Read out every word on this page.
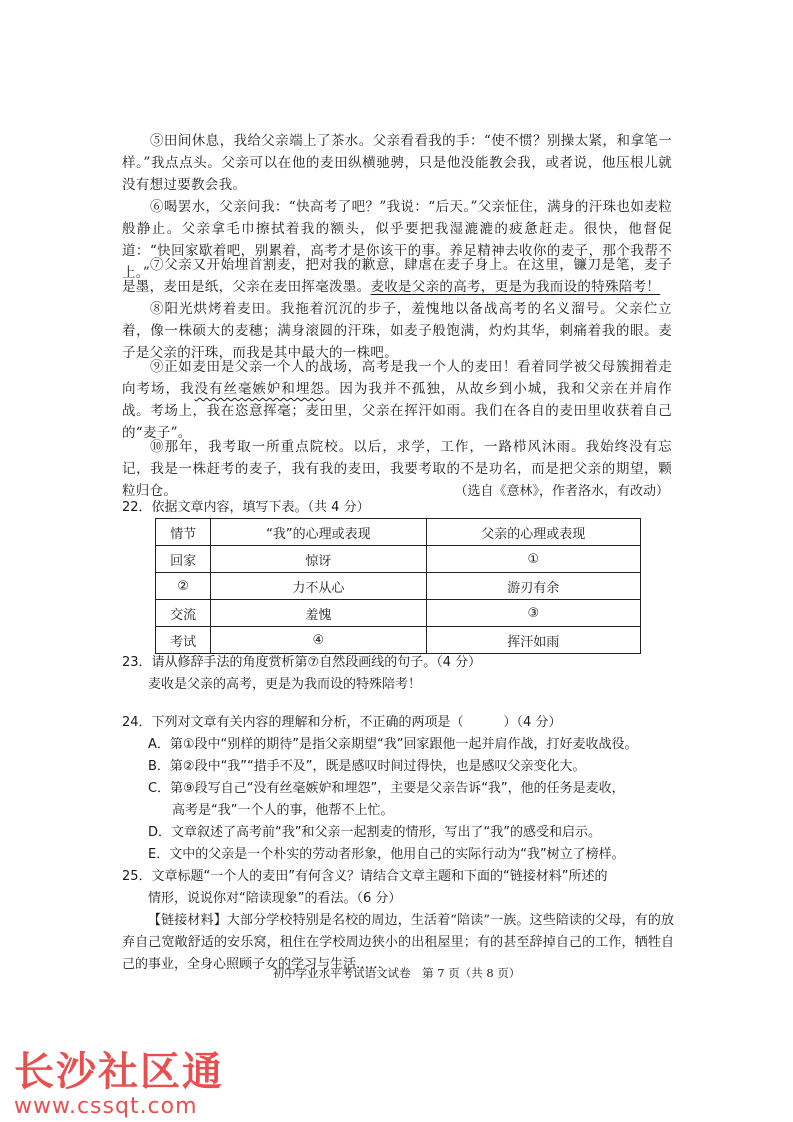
⑤田间休息，我给父亲端上了茶水。父亲看看我的手：“使不惯？别操太紧，和拿笔一样。”我点点头。父亲可以在他的麦田纵横驰骋，只是他没能教会我，或者说，他压根儿就没有想过要教会我。

⑥喝罢水，父亲问我：“快高考了吧？”我说：“后天。”父亲怔住，满身的汗珠也如麦粒般静止。父亲拿毛巾擦拭着我的额头，似乎要把我湿漉漉的疲惫赶走。很快，他督促道：“快回家歇着吧，别累着，高考才是你该干的事。养足精神去收你的麦子，那个我帮不上。” ⑦父亲又开始埋首割麦，把对我的歉意，肆虐在麦子身上。在这里，镰刀是笔，麦子是墨，麦田是纸，父亲在麦田挥毫泼墨。麦收是父亲的高考，更是为我而设的特殊陪考！

⑧阳光烘烤着麦田。我拖着沉沉的步子，羞愧地以备战高考的名义溜号。父亲伫立着，像一株硕大的麦穗；满身滚圆的汗珠，如麦子般饱满，灼灼其华，刺痛着我的眼。麦子是父亲的汗珠，而我是其中最大的一株吧。

⑨正如麦田是父亲一个人的战场，高考是我一个人的麦田！看着同学被父母簇拥着走向考场，我没有丝毫嫉妒和埋怨。因为我并不孤独，从故乡到小城，我和父亲在并肩作战。考场上，我在恣意挥毫；麦田里，父亲在挥汗如雨。我们在各自的麦田里收获着自己的“麦子”。

⑩那年，我考取一所重点院校。以后，求学，工作，一路栉风沐雨。我始终没有忘记，我是一株赶考的麦子，我有我的麦田，我要考取的不是功名，而是把父亲的期望，颗粒归仓。	（选自《意林》，作者洛水，有改动）

22．依据文章内容，填写下表。（共 4 分）

情节	“我”的心理或表现	父亲的心理或表现
回家	惊讶	①
②	力不从心	游刃有余
交流	羞愧	③
考试	④	挥汗如雨

23．请从修辞手法的角度赏析第⑦自然段画线的句子。（4 分）

麦收是父亲的高考，更是为我而设的特殊陪考！

24．下列对文章有关内容的理解和分析，不正确的两项是（	）（4 分）

A．第①段中“别样的期待”是指父亲期望“我”回家跟他一起并肩作战，打好麦收战役。

B．第②段中“我”“措手不及”，既是感叹时间过得快，也是感叹父亲变化大。

C．第⑨段写自己“没有丝毫嫉妒和埋怨”，主要是父亲告诉“我”，他的任务是麦收，

高考是“我”一个人的事，他帮不上忙。

D．文章叙述了高考前“我”和父亲一起割麦的情形，写出了“我”的感受和启示。

E．文中的父亲是一个朴实的劳动者形象，他用自己的实际行动为“我”树立了榜样。

25．文章标题“一个人的麦田”有何含义？请结合文章主题和下面的“链接材料”所述的

情形，说说你对“陪读现象”的看法。（6 分）

【链接材料】大部分学校特别是名校的周边，生活着“陪读”一族。这些陪读的父母，有的放弃自己宽敞舒适的安乐窝，租住在学校周边狭小的出租屋里；有的甚至辞掉自己的工作，牺牲自己的事业，全身心照顾子女的学习与生活……

初中学业水平考试语文试卷　第 7 页（共 8 页）
长沙社区通
www.cssqt.com
